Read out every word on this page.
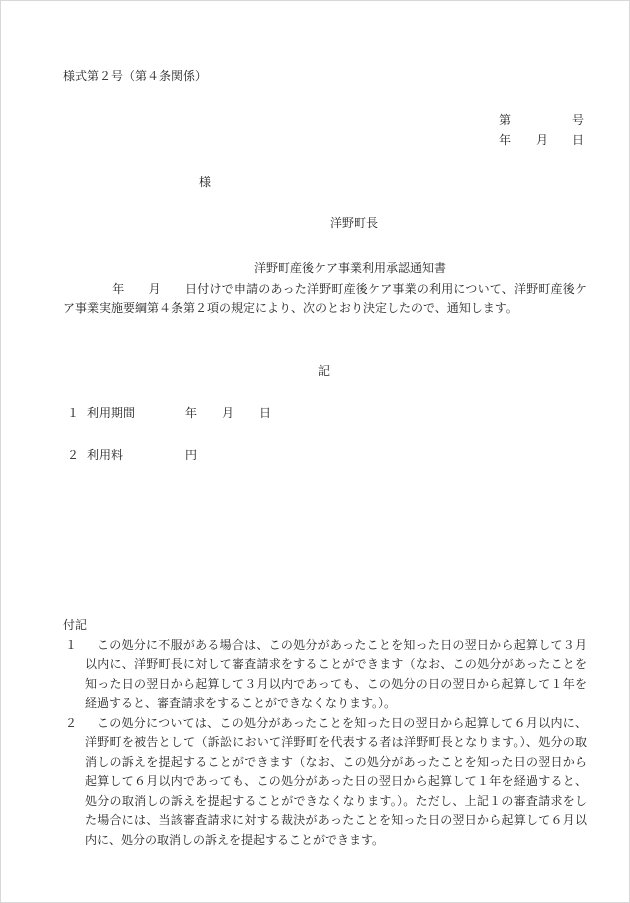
様式第２号（第４条関係）
第	号
年 月 日
様
洋野町長
洋野町産後ケア事業利用承認通知書
年 月 日付けで申請のあった洋野町産後ケア事業の利用について、洋野町産後ケア事業実施要綱第４条第２項の規定により、次のとおり決定したので、通知します。
記
１ 利用期間	年 月 日
２ 利用料	円
付記
１	この処分に不服がある場合は、この処分があったことを知った日の翌日から起算して３月以内に、洋野町長に対して審査請求をすることができます（なお、この処分があったことを知った日の翌日から起算して３月以内であっても、この処分の日の翌日から起算して１年を経過すると、審査請求をすることができなくなります。）。
２	この処分については、この処分があったことを知った日の翌日から起算して６月以内に、洋野町を被告として（訴訟において洋野町を代表する者は洋野町長となります。）、処分の取消しの訴えを提起することができます（なお、この処分があったことを知った日の翌日から起算して６月以内であっても、この処分があった日の翌日から起算して１年を経過すると、処分の取消しの訴えを提起することができなくなります。）。ただし、上記１の審査請求をした場合には、当該審査請求に対する裁決があったことを知った日の翌日から起算して６月以内に、処分の取消しの訴えを提起することができます。
